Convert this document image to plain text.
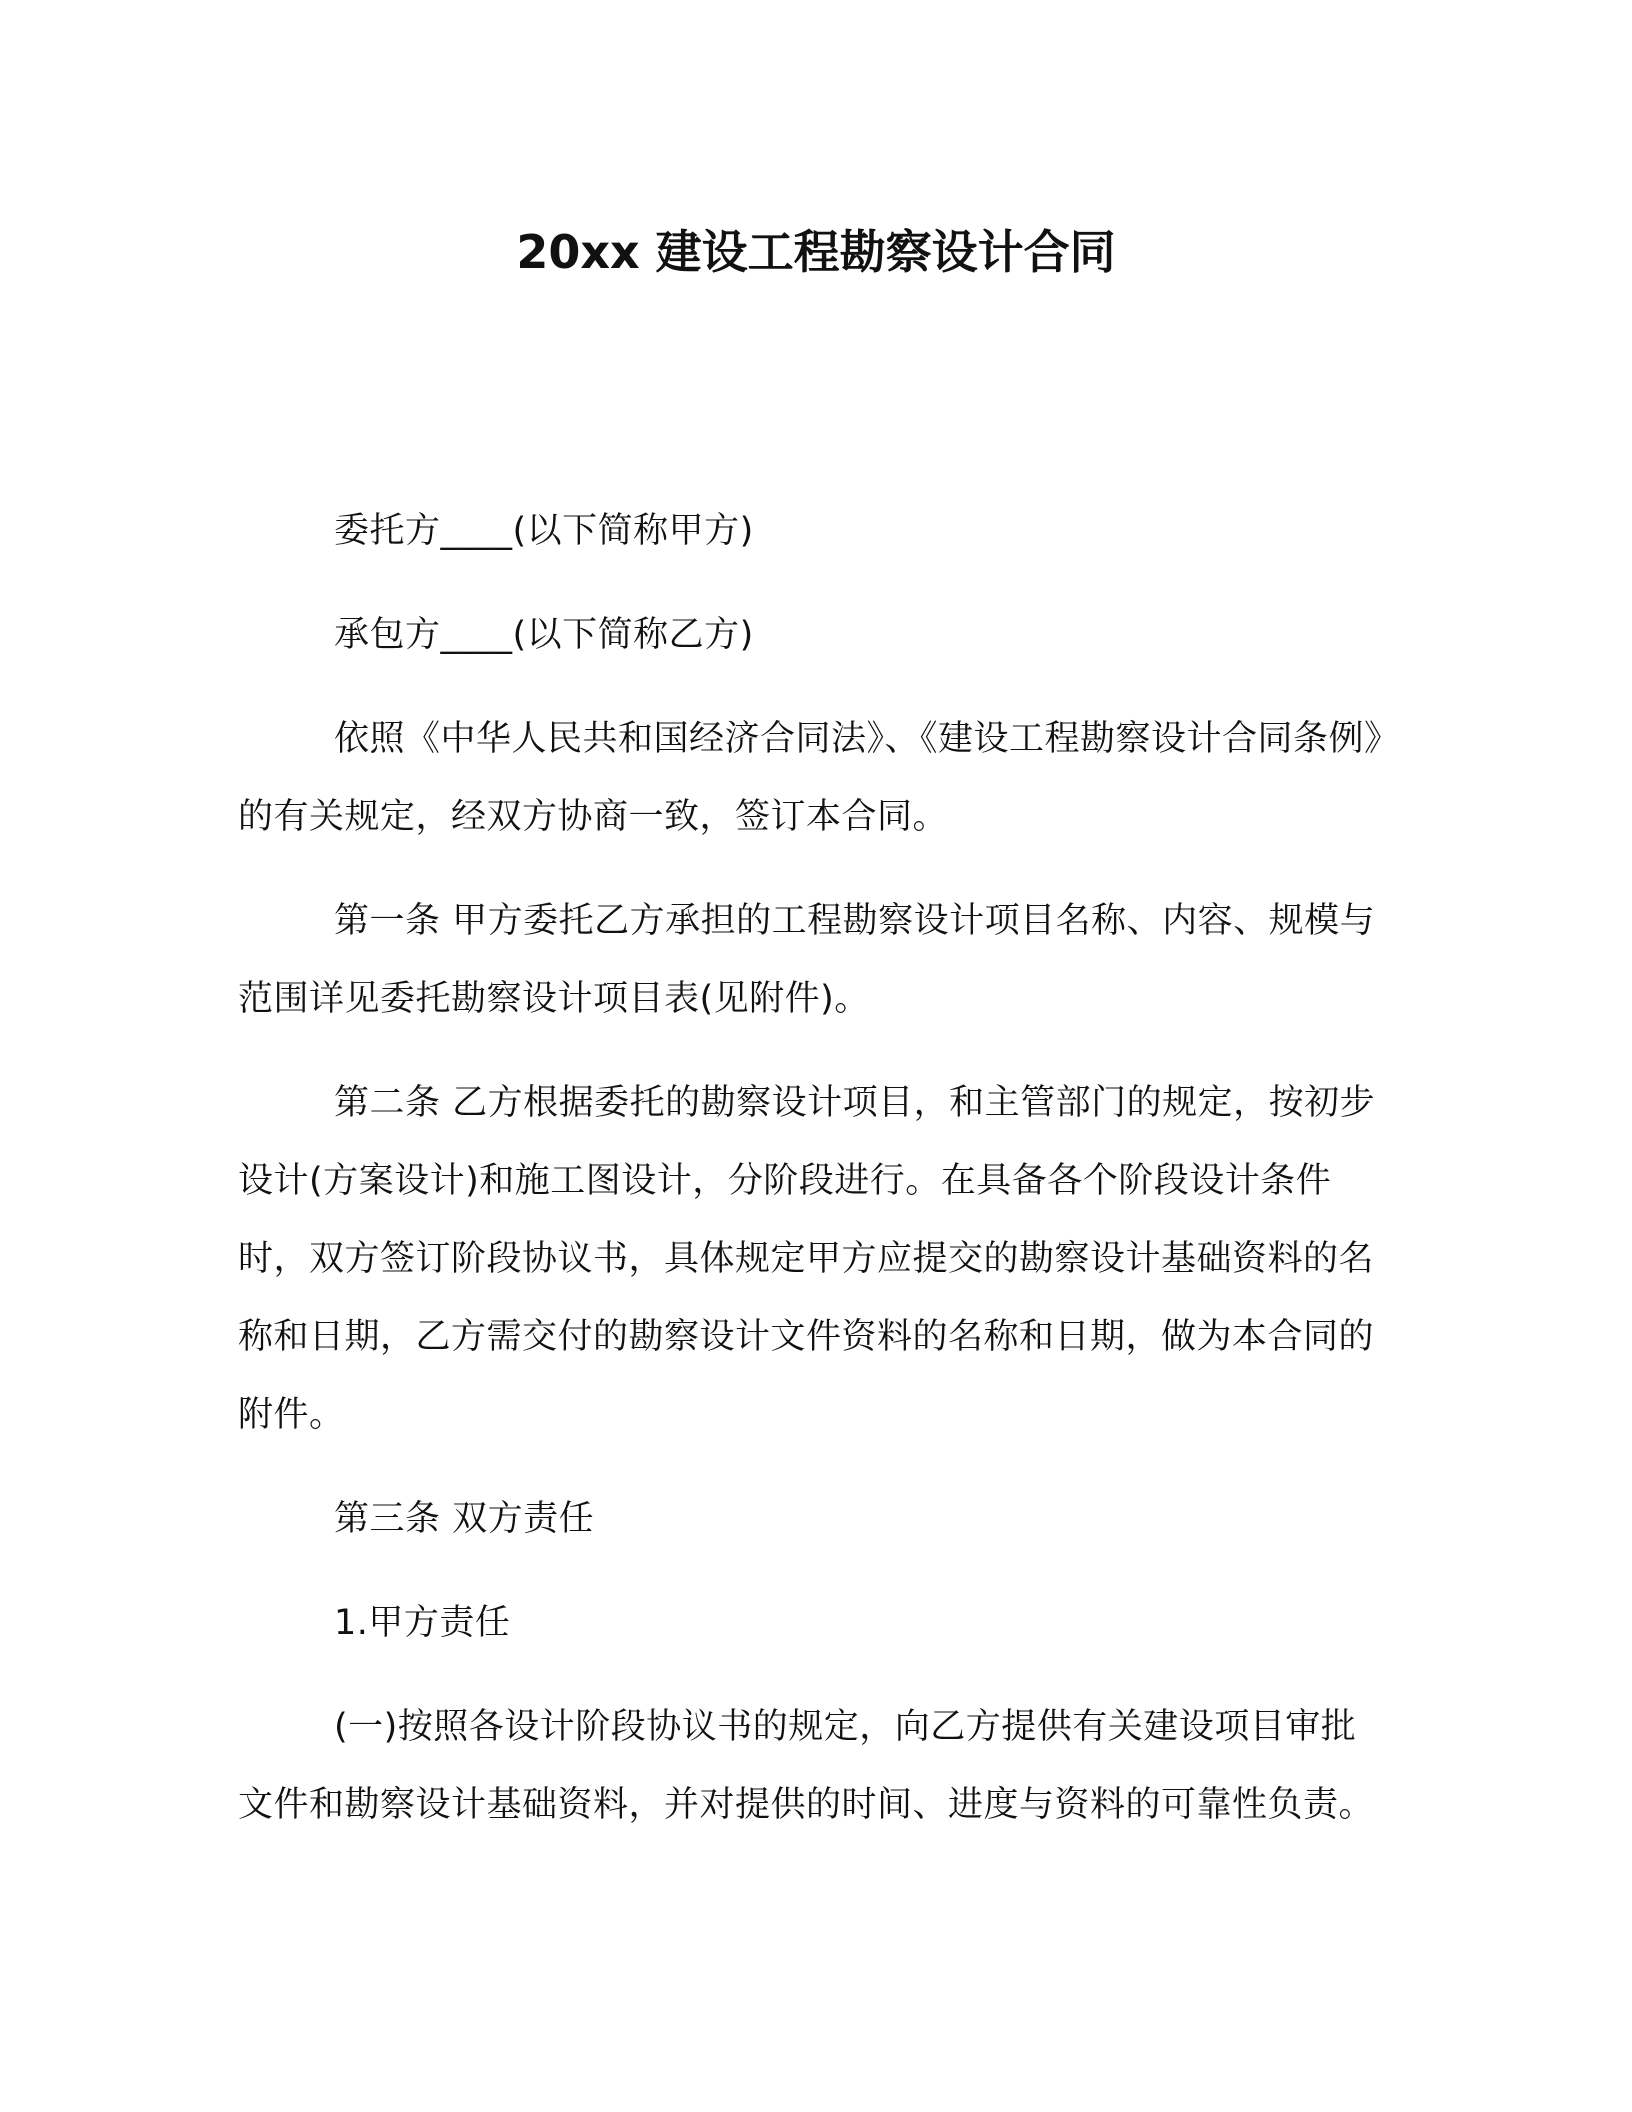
20xx 建设工程勘察设计合同

委托方____(以下简称甲方)

承包方____(以下简称乙方)

依照《中华人民共和国经济合同法》、《建设工程勘察设计合同条例》的有关规定，经双方协商一致，签订本合同。

第一条 甲方委托乙方承担的工程勘察设计项目名称、内容、规模与范围详见委托勘察设计项目表(见附件)。

第二条 乙方根据委托的勘察设计项目，和主管部门的规定，按初步设计(方案设计)和施工图设计，分阶段进行。在具备各个阶段设计条件时，双方签订阶段协议书，具体规定甲方应提交的勘察设计基础资料的名称和日期，乙方需交付的勘察设计文件资料的名称和日期，做为本合同的附件。

第三条 双方责任

1.甲方责任

(一)按照各设计阶段协议书的规定，向乙方提供有关建设项目审批文件和勘察设计基础资料，并对提供的时间、进度与资料的可靠性负责。
